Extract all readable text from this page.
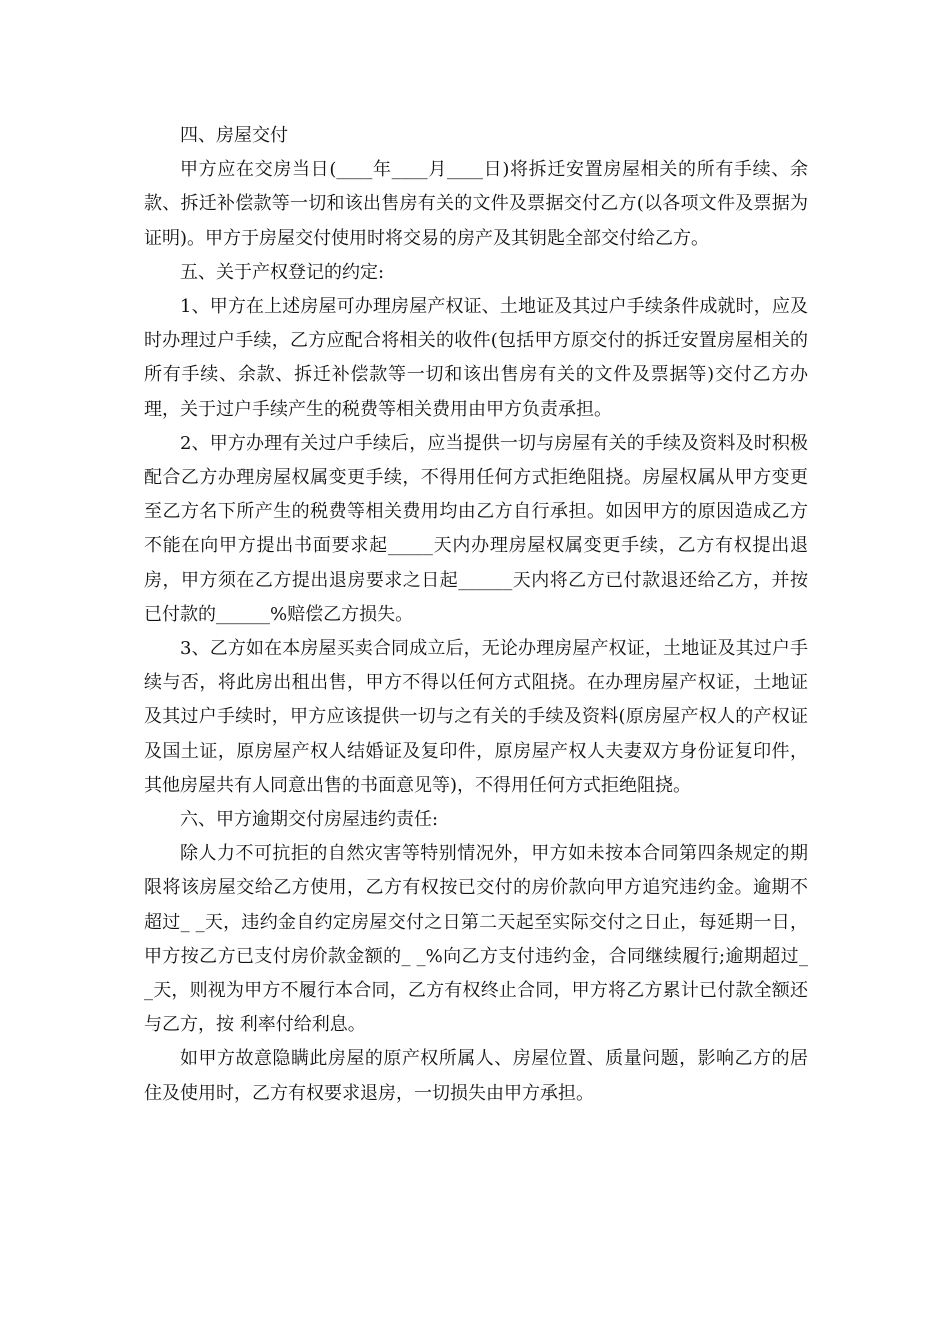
四、房屋交付

甲方应在交房当日(____年____月____日)将拆迁安置房屋相关的所有手续、余款、拆迁补偿款等一切和该出售房有关的文件及票据交付乙方(以各项文件及票据为证明)。甲方于房屋交付使用时将交易的房产及其钥匙全部交付给乙方。

五、关于产权登记的约定:

1、甲方在上述房屋可办理房屋产权证、土地证及其过户手续条件成就时，应及时办理过户手续，乙方应配合将相关的收件(包括甲方原交付的拆迁安置房屋相关的所有手续、余款、拆迁补偿款等一切和该出售房有关的文件及票据等)交付乙方办理，关于过户手续产生的税费等相关费用由甲方负责承担。

2、甲方办理有关过户手续后，应当提供一切与房屋有关的手续及资料及时积极配合乙方办理房屋权属变更手续，不得用任何方式拒绝阻挠。房屋权属从甲方变更至乙方名下所产生的税费等相关费用均由乙方自行承担。如因甲方的原因造成乙方不能在向甲方提出书面要求起_____天内办理房屋权属变更手续，乙方有权提出退房，甲方须在乙方提出退房要求之日起______天内将乙方已付款退还给乙方，并按已付款的______%赔偿乙方损失。

3、乙方如在本房屋买卖合同成立后，无论办理房屋产权证，土地证及其过户手续与否，将此房出租出售，甲方不得以任何方式阻挠。在办理房屋产权证，土地证及其过户手续时，甲方应该提供一切与之有关的手续及资料(原房屋产权人的产权证及国土证，原房屋产权人结婚证及复印件，原房屋产权人夫妻双方身份证复印件，其他房屋共有人同意出售的书面意见等)，不得用任何方式拒绝阻挠。

六、甲方逾期交付房屋违约责任:

除人力不可抗拒的自然灾害等特别情况外，甲方如未按本合同第四条规定的期限将该房屋交给乙方使用，乙方有权按已交付的房价款向甲方追究违约金。逾期不超过_ _天，违约金自约定房屋交付之日第二天起至实际交付之日止，每延期一日，甲方按乙方已支付房价款金额的_ _%向乙方支付违约金，合同继续履行;逾期超过_ _天，则视为甲方不履行本合同，乙方有权终止合同，甲方将乙方累计已付款全额还与乙方，按 利率付给利息。

如甲方故意隐瞒此房屋的原产权所属人、房屋位置、质量问题，影响乙方的居住及使用时，乙方有权要求退房，一切损失由甲方承担。
